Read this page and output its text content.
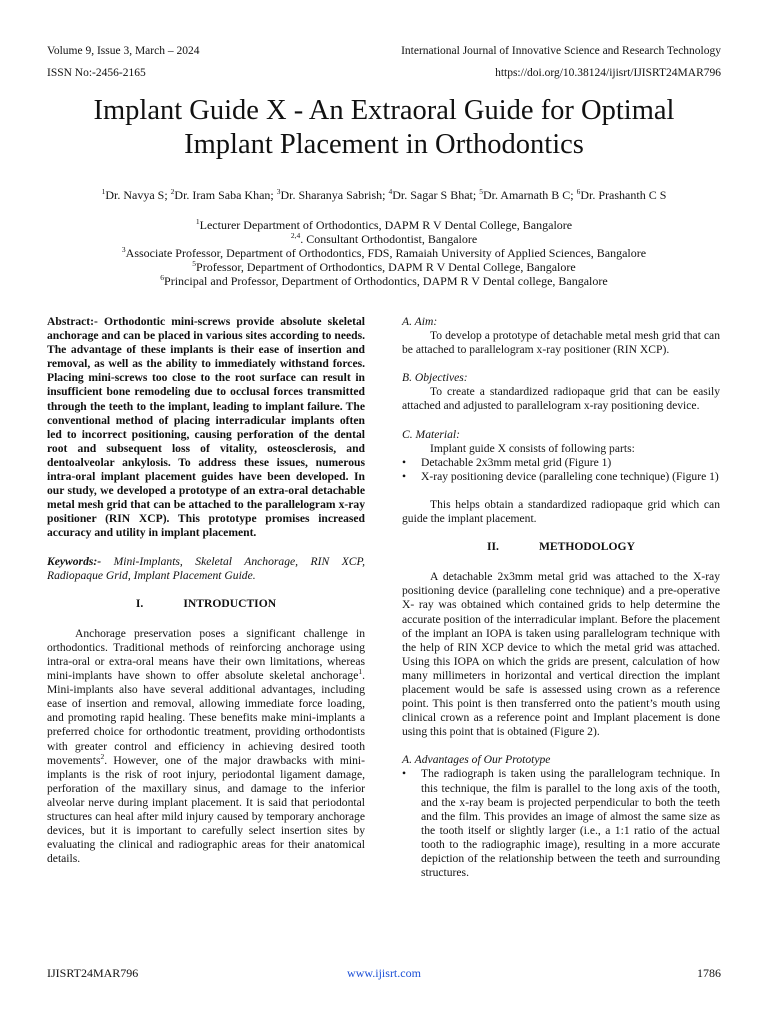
Volume 9, Issue 3, March – 2024	International Journal of Innovative Science and Research Technology
ISSN No:-2456-2165	https://doi.org/10.38124/ijisrt/IJISRT24MAR796
Implant Guide X - An Extraoral Guide for Optimal
Implant Placement in Orthodontics
$^1$Dr. Navya S; $^2$Dr. Iram Saba Khan; $^3$Dr. Sharanya Sabrish; $^4$Dr. Sagar S Bhat; $^5$Dr. Amarnath B C; $^6$Dr. Prashanth C S
$^1$Lecturer Department of Orthodontics, DAPM R V Dental College, Bangalore
$^{2,4}$. Consultant Orthodontist, Bangalore
$^3$Associate Professor, Department of Orthodontics, FDS, Ramaiah University of Applied Sciences, Bangalore
$^5$Professor, Department of Orthodontics, DAPM R V Dental College, Bangalore
$^6$Principal and Professor, Department of Orthodontics, DAPM R V Dental college, Bangalore

Abstract:- Orthodontic mini-screws provide absolute skeletal anchorage and can be placed in various sites according to needs. The advantage of these implants is their ease of insertion and removal, as well as the ability to immediately withstand forces. Placing mini-screws too close to the root surface can result in insufficient bone remodeling due to occlusal forces transmitted through the teeth to the implant, leading to implant failure. The conventional method of placing interradicular implants often led to incorrect positioning, causing perforation of the dental root and subsequent loss of vitality, osteosclerosis, and dentoalveolar ankylosis. To address these issues, numerous intra-oral implant placement guides have been developed. In our study, we developed a prototype of an extra-oral detachable metal mesh grid that can be attached to the parallelogram x-ray positioner (RIN XCP). This prototype promises increased accuracy and utility in implant placement.

Keywords:- Mini-Implants, Skeletal Anchorage, RIN XCP, Radiopaque Grid, Implant Placement Guide.

I.	INTRODUCTION

Anchorage preservation poses a significant challenge in orthodontics. Traditional methods of reinforcing anchorage using intra-oral or extra-oral means have their own limitations, whereas mini-implants have shown to offer absolute skeletal anchorage$^1$. Mini-implants also have several additional advantages, including ease of insertion and removal, allowing immediate force loading, and promoting rapid healing. These benefits make mini-implants a preferred choice for orthodontic treatment, providing orthodontists with greater control and efficiency in achieving desired tooth movements$^2$. However, one of the major drawbacks with mini-implants is the risk of root injury, periodontal ligament damage, perforation of the maxillary sinus, and damage to the inferior alveolar nerve during implant placement. It is said that periodontal structures can heal after mild injury caused by temporary anchorage devices, but it is important to carefully select insertion sites by evaluating the clinical and radiographic areas for their anatomical details.

A. Aim:

To develop a prototype of detachable metal mesh grid that can be attached to parallelogram x-ray positioner (RIN XCP).

B. Objectives:

To create a standardized radiopaque grid that can be easily attached and adjusted to parallelogram x-ray positioning device.

C. Material:

Implant guide X consists of following parts:

• Detachable 2x3mm metal grid (Figure 1)
• X-ray positioning device (paralleling cone technique) (Figure 1)

This helps obtain a standardized radiopaque grid which can guide the implant placement.

II.	METHODOLOGY

A detachable 2x3mm metal grid was attached to the X-ray positioning device (paralleling cone technique) and a pre-operative X- ray was obtained which contained grids to help determine the accurate position of the interradicular implant. Before the placement of the implant an IOPA is taken using parallelogram technique with the help of RIN XCP device to which the metal grid was attached. Using this IOPA on which the grids are present, calculation of how many millimeters in horizontal and vertical direction the implant placement would be safe is assessed using crown as a reference point. This point is then transferred onto the patient’s mouth using clinical crown as a reference point and Implant placement is done using this point that is obtained (Figure 2).

A. Advantages of Our Prototype

• The radiograph is taken using the parallelogram technique. In this technique, the film is parallel to the long axis of the tooth, and the x-ray beam is projected perpendicular to both the teeth and the film. This provides an image of almost the same size as the tooth itself or slightly larger (i.e., a 1:1 ratio of the actual tooth to the radiographic image), resulting in a more accurate depiction of the relationship between the teeth and surrounding structures.
IJISRT24MAR796	www.ijisrt.com	1786
